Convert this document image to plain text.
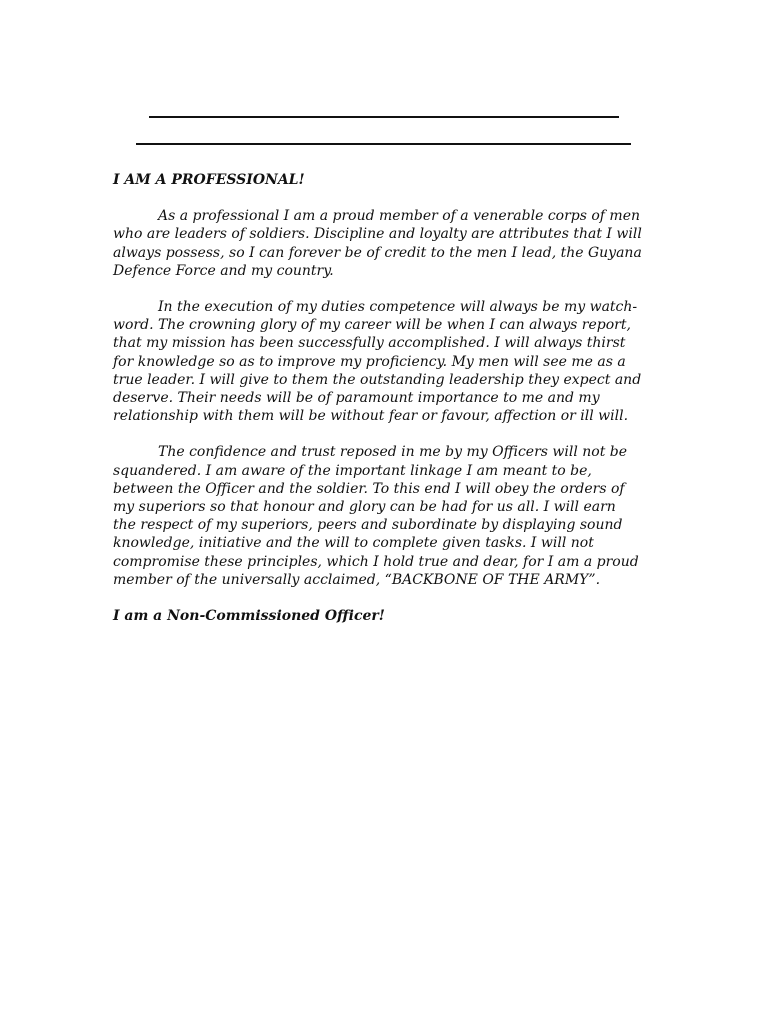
I AM A PROFESSIONAL!

As a professional I am a proud member of a venerable corps of men
who are leaders of soldiers. Discipline and loyalty are attributes that I will
always possess, so I can forever be of credit to the men I lead, the Guyana
Defence Force and my country.
In the execution of my duties competence will always be my watch-
word. The crowning glory of my career will be when I can always report,
that my mission has been successfully accomplished. I will always thirst
for knowledge so as to improve my proficiency. My men will see me as a
true leader. I will give to them the outstanding leadership they expect and
deserve. Their needs will be of paramount importance to me and my
relationship with them will be without fear or favour, affection or ill will.
The confidence and trust reposed in me by my Officers will not be
squandered. I am aware of the important linkage I am meant to be,
between the Officer and the soldier. To this end I will obey the orders of
my superiors so that honour and glory can be had for us all. I will earn
the respect of my superiors, peers and subordinate by displaying sound
knowledge, initiative and the will to complete given tasks. I will not
compromise these principles, which I hold true and dear, for I am a proud
member of the universally acclaimed, “BACKBONE OF THE ARMY”.

I am a Non-Commissioned Officer!
